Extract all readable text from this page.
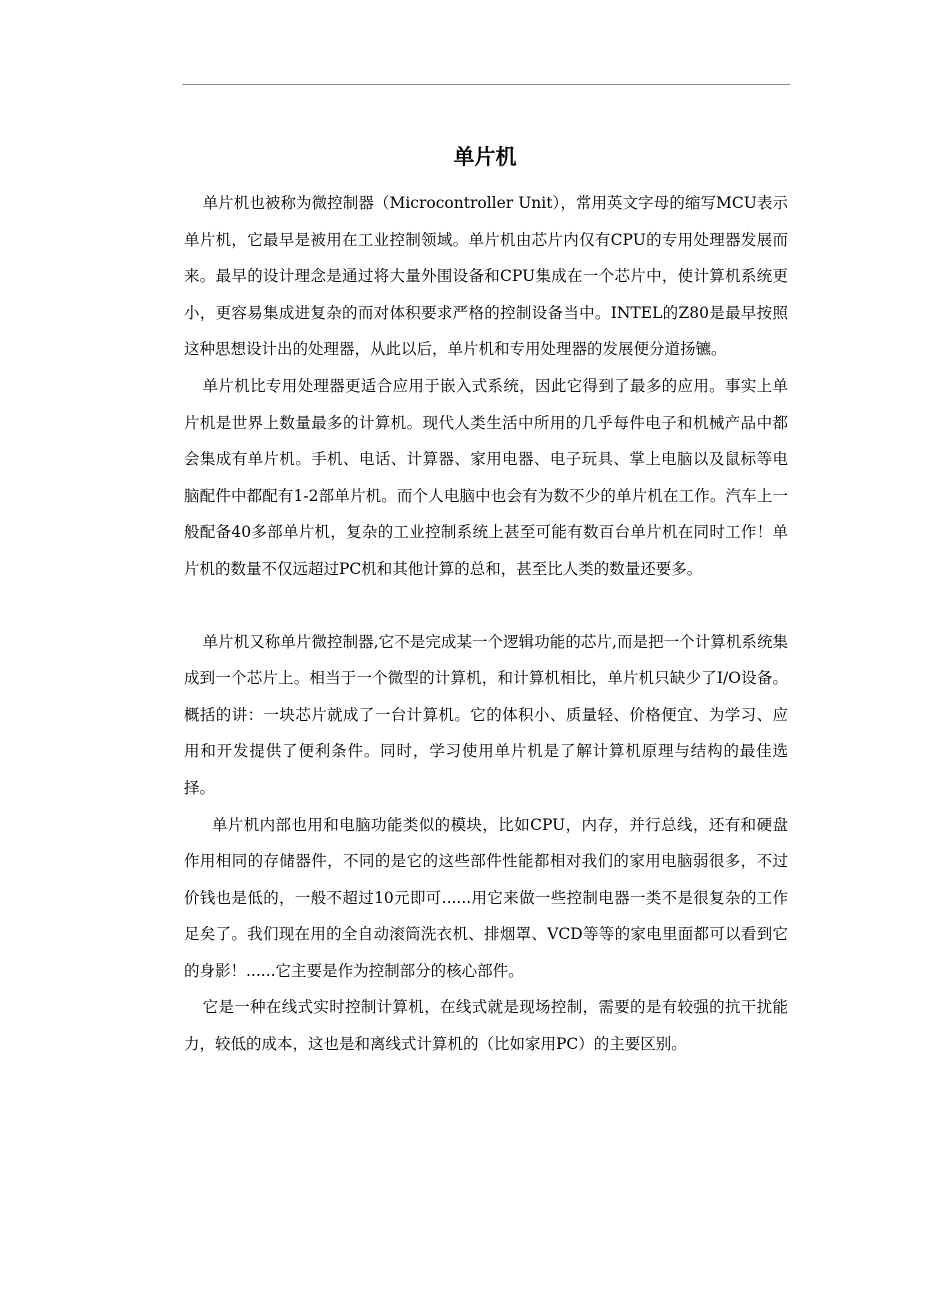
单片机

单片机也被称为微控制器（Microcontroller Unit），常用英文字母的缩写MCU表示单片机，它最早是被用在工业控制领域。单片机由芯片内仅有CPU的专用处理器发展而来。最早的设计理念是通过将大量外围设备和CPU集成在一个芯片中，使计算机系统更小，更容易集成进复杂的而对体积要求严格的控制设备当中。INTEL的Z80是最早按照这种思想设计出的处理器，从此以后，单片机和专用处理器的发展便分道扬镳。

单片机比专用处理器更适合应用于嵌入式系统，因此它得到了最多的应用。事实上单片机是世界上数量最多的计算机。现代人类生活中所用的几乎每件电子和机械产品中都会集成有单片机。手机、电话、计算器、家用电器、电子玩具、掌上电脑以及鼠标等电脑配件中都配有1-2部单片机。而个人电脑中也会有为数不少的单片机在工作。汽车上一般配备40多部单片机，复杂的工业控制系统上甚至可能有数百台单片机在同时工作！单片机的数量不仅远超过PC机和其他计算的总和，甚至比人类的数量还要多。

单片机又称单片微控制器,它不是完成某一个逻辑功能的芯片,而是把一个计算机系统集成到一个芯片上。相当于一个微型的计算机，和计算机相比，单片机只缺少了I/O设备。概括的讲：一块芯片就成了一台计算机。它的体积小、质量轻、价格便宜、为学习、应用和开发提供了便利条件。同时，学习使用单片机是了解计算机原理与结构的最佳选择。

单片机内部也用和电脑功能类似的模块，比如CPU，内存，并行总线，还有和硬盘作用相同的存储器件，不同的是它的这些部件性能都相对我们的家用电脑弱很多，不过价钱也是低的，一般不超过10元即可......用它来做一些控制电器一类不是很复杂的工作足矣了。我们现在用的全自动滚筒洗衣机、排烟罩、VCD等等的家电里面都可以看到它的身影！......它主要是作为控制部分的核心部件。

它是一种在线式实时控制计算机，在线式就是现场控制，需要的是有较强的抗干扰能力，较低的成本，这也是和离线式计算机的（比如家用PC）的主要区别。
